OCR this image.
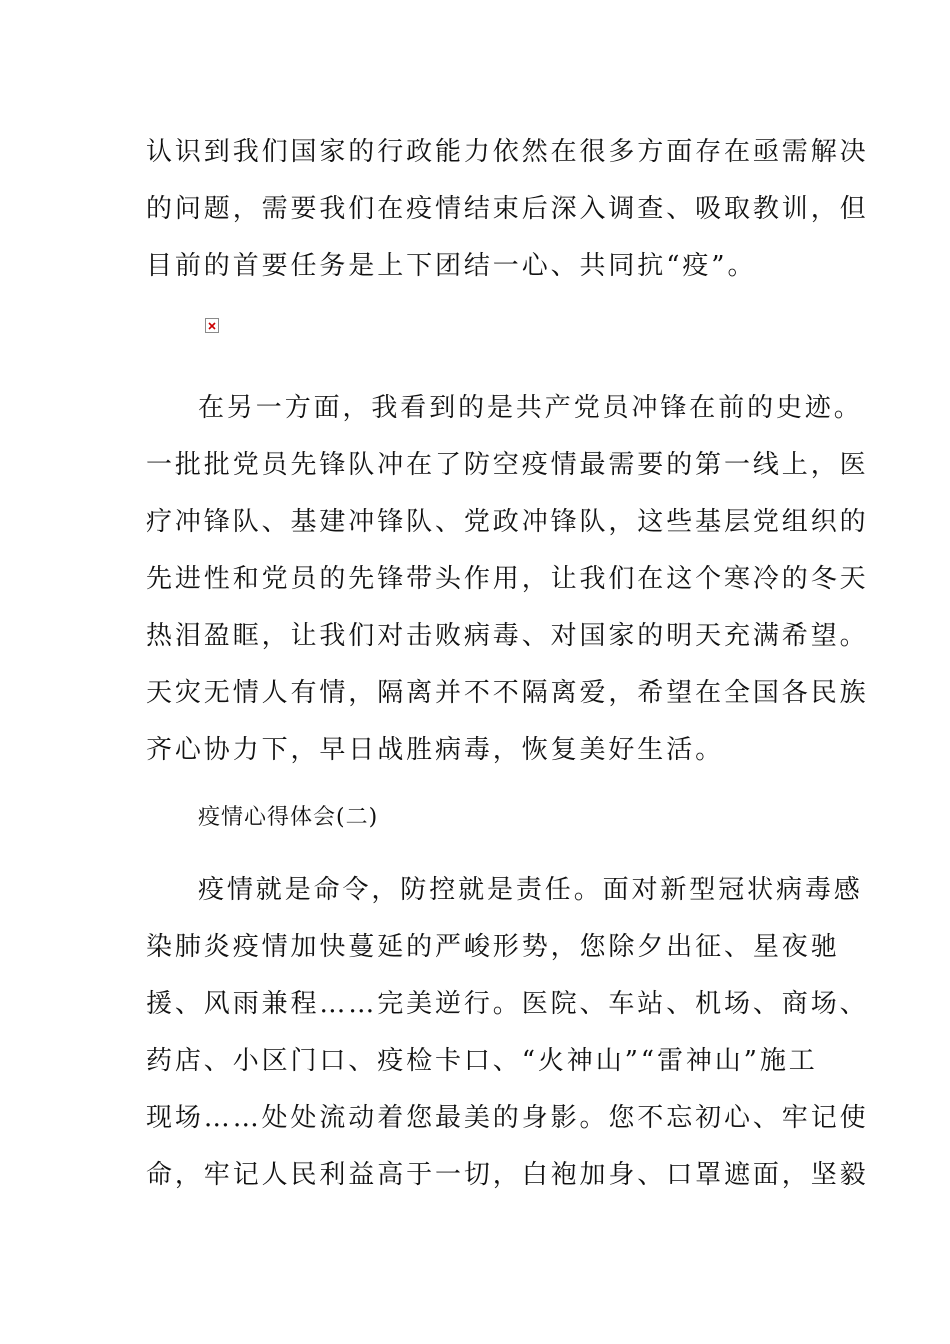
认识到我们国家的行政能力依然在很多方面存在亟需解决
的问题，需要我们在疫情结束后深入调查、吸取教训，但
目前的首要任务是上下团结一心、共同抗“疫”。
在另一方面，我看到的是共产党员冲锋在前的史迹。
一批批党员先锋队冲在了防空疫情最需要的第一线上，医
疗冲锋队、基建冲锋队、党政冲锋队，这些基层党组织的
先进性和党员的先锋带头作用，让我们在这个寒冷的冬天
热泪盈眶，让我们对击败病毒、对国家的明天充满希望。
天灾无情人有情，隔离并不不隔离爱，希望在全国各民族
齐心协力下，早日战胜病毒，恢复美好生活。
疫情心得体会(二)
疫情就是命令，防控就是责任。面对新型冠状病毒感
染肺炎疫情加快蔓延的严峻形势，您除夕出征、星夜驰
援、风雨兼程……完美逆行。医院、车站、机场、商场、
药店、小区门口、疫检卡口、“火神山”“雷神山”施工
现场……处处流动着您最美的身影。您不忘初心、牢记使
命，牢记人民利益高于一切，白袍加身、口罩遮面，坚毅
